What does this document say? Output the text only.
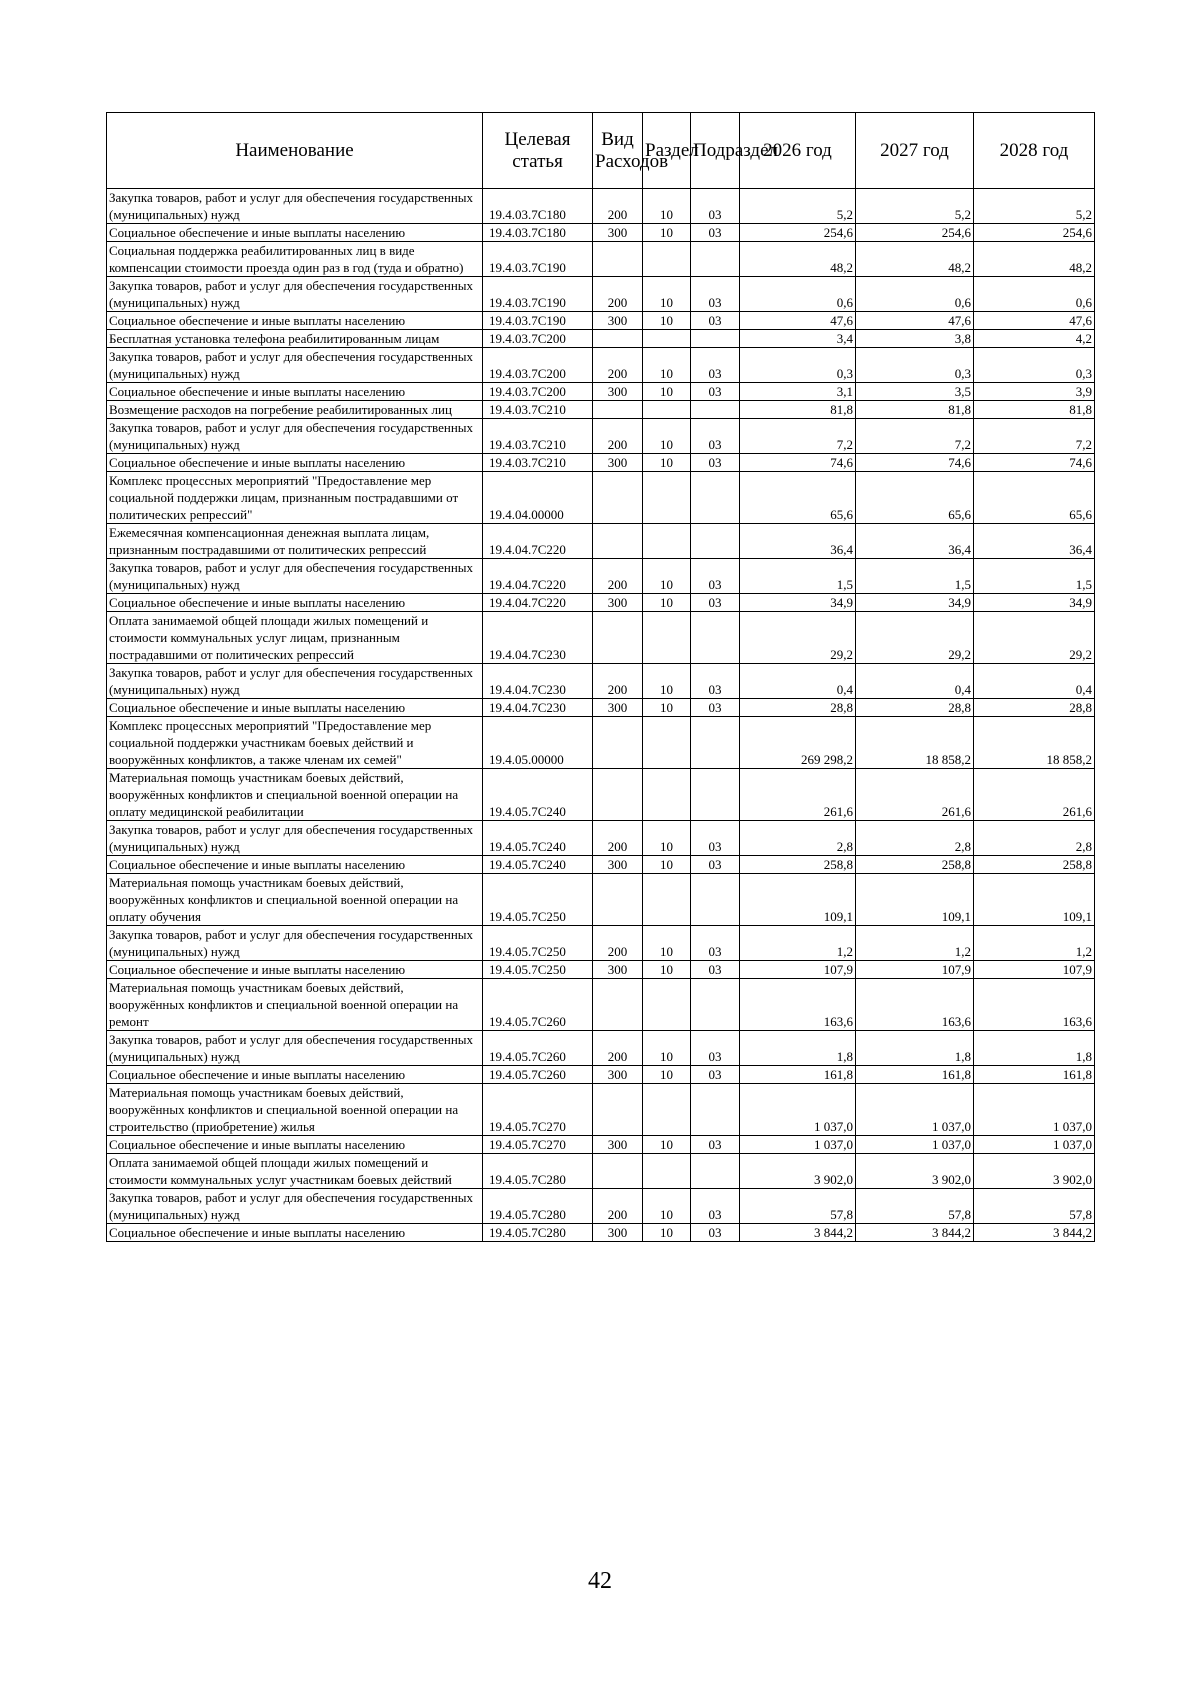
Наименование	Целевая статья	Вид Расходов	Раздел	Подраздел	2026 год	2027 год	2028 год
Закупка товаров, работ и услуг для обеспечения государственных (муниципальных) нужд	19.4.03.7С180	200	10	03	5,2	5,2	5,2
Социальное обеспечение и иные выплаты населению	19.4.03.7С180	300	10	03	254,6	254,6	254,6
Социальная поддержка реабилитированных лиц в виде компенсации стоимости проезда один раз в год (туда и обратно)	19.4.03.7С190				48,2	48,2	48,2
Закупка товаров, работ и услуг для обеспечения государственных (муниципальных) нужд	19.4.03.7С190	200	10	03	0,6	0,6	0,6
Социальное обеспечение и иные выплаты населению	19.4.03.7С190	300	10	03	47,6	47,6	47,6
Бесплатная установка телефона реабилитированным лицам	19.4.03.7С200				3,4	3,8	4,2
Закупка товаров, работ и услуг для обеспечения государственных (муниципальных) нужд	19.4.03.7С200	200	10	03	0,3	0,3	0,3
Социальное обеспечение и иные выплаты населению	19.4.03.7С200	300	10	03	3,1	3,5	3,9
Возмещение расходов на погребение реабилитированных лиц	19.4.03.7С210				81,8	81,8	81,8
Закупка товаров, работ и услуг для обеспечения государственных (муниципальных) нужд	19.4.03.7С210	200	10	03	7,2	7,2	7,2
Социальное обеспечение и иные выплаты населению	19.4.03.7С210	300	10	03	74,6	74,6	74,6
Комплекс процессных мероприятий "Предоставление мер социальной поддержки лицам, признанным пострадавшими от политических репрессий"	19.4.04.00000				65,6	65,6	65,6
Ежемесячная компенсационная денежная выплата лицам, признанным пострадавшими от политических репрессий	19.4.04.7С220				36,4	36,4	36,4
Закупка товаров, работ и услуг для обеспечения государственных (муниципальных) нужд	19.4.04.7С220	200	10	03	1,5	1,5	1,5
Социальное обеспечение и иные выплаты населению	19.4.04.7С220	300	10	03	34,9	34,9	34,9
Оплата занимаемой общей площади жилых помещений и стоимости коммунальных услуг лицам, признанным пострадавшими от политических репрессий	19.4.04.7С230				29,2	29,2	29,2
Закупка товаров, работ и услуг для обеспечения государственных (муниципальных) нужд	19.4.04.7С230	200	10	03	0,4	0,4	0,4
Социальное обеспечение и иные выплаты населению	19.4.04.7С230	300	10	03	28,8	28,8	28,8
Комплекс процессных мероприятий "Предоставление мер социальной поддержки участникам боевых действий и вооружённых конфликтов, а также членам их семей"	19.4.05.00000				269 298,2	18 858,2	18 858,2
Материальная помощь участникам боевых действий, вооружённых конфликтов и специальной военной операции на оплату медицинской реабилитации	19.4.05.7С240				261,6	261,6	261,6
Закупка товаров, работ и услуг для обеспечения государственных (муниципальных) нужд	19.4.05.7С240	200	10	03	2,8	2,8	2,8
Социальное обеспечение и иные выплаты населению	19.4.05.7С240	300	10	03	258,8	258,8	258,8
Материальная помощь участникам боевых действий, вооружённых конфликтов и специальной военной операции на оплату обучения	19.4.05.7С250				109,1	109,1	109,1
Закупка товаров, работ и услуг для обеспечения государственных (муниципальных) нужд	19.4.05.7С250	200	10	03	1,2	1,2	1,2
Социальное обеспечение и иные выплаты населению	19.4.05.7С250	300	10	03	107,9	107,9	107,9
Материальная помощь участникам боевых действий, вооружённых конфликтов и специальной военной операции на ремонт	19.4.05.7С260				163,6	163,6	163,6
Закупка товаров, работ и услуг для обеспечения государственных (муниципальных) нужд	19.4.05.7С260	200	10	03	1,8	1,8	1,8
Социальное обеспечение и иные выплаты населению	19.4.05.7С260	300	10	03	161,8	161,8	161,8
Материальная помощь участникам боевых действий, вооружённых конфликтов и специальной военной операции на строительство (приобретение) жилья	19.4.05.7С270				1 037,0	1 037,0	1 037,0
Социальное обеспечение и иные выплаты населению	19.4.05.7С270	300	10	03	1 037,0	1 037,0	1 037,0
Оплата занимаемой общей площади жилых помещений и стоимости коммунальных услуг участникам боевых действий	19.4.05.7С280				3 902,0	3 902,0	3 902,0
Закупка товаров, работ и услуг для обеспечения государственных (муниципальных) нужд	19.4.05.7С280	200	10	03	57,8	57,8	57,8
Социальное обеспечение и иные выплаты населению	19.4.05.7С280	300	10	03	3 844,2	3 844,2	3 844,2
42
